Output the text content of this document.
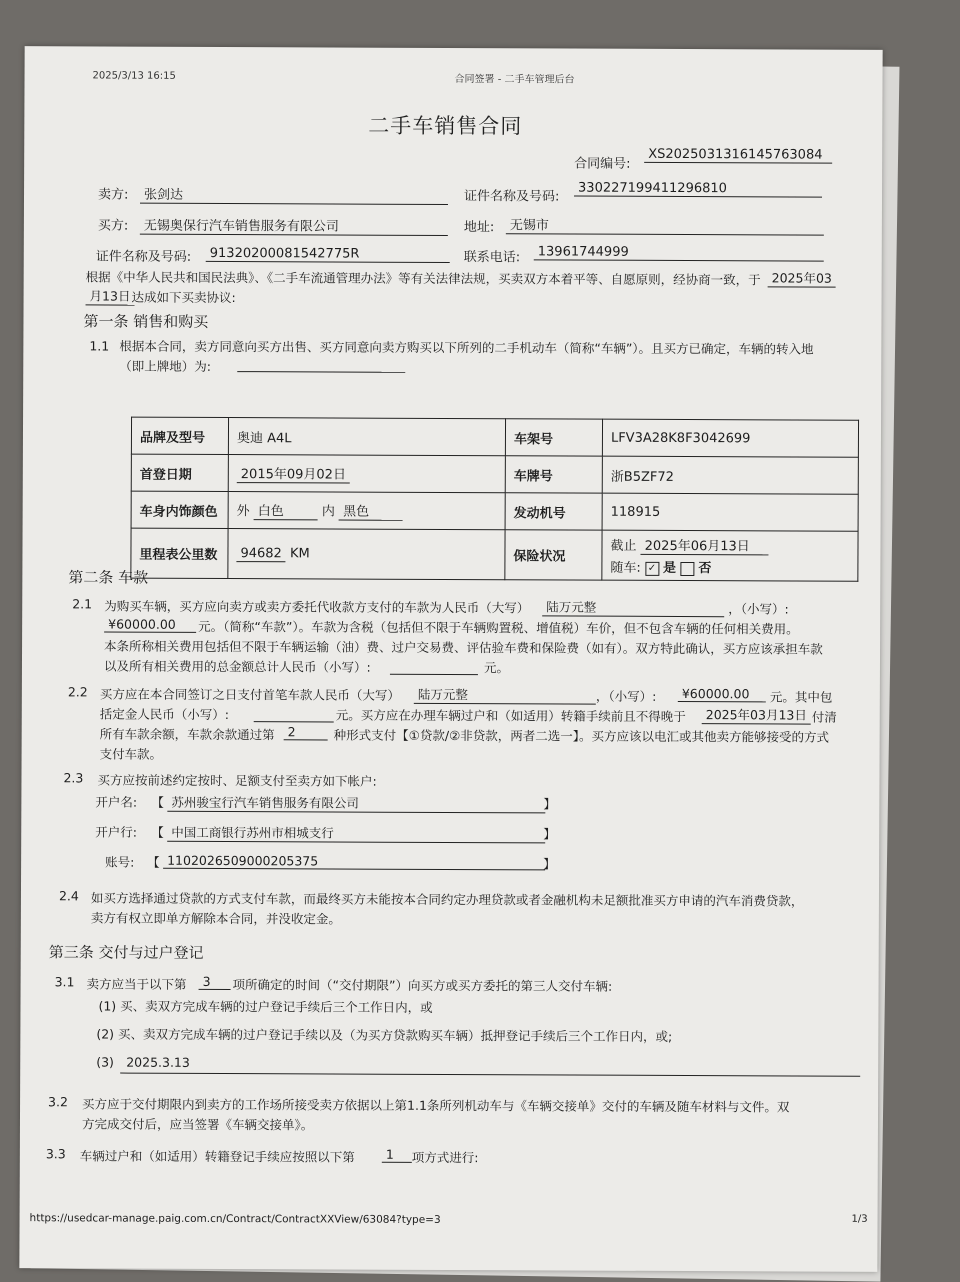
2025/3/13 16:15	合同签署 - 二手车管理后台
二手车销售合同
合同编号:
XS2025031316145763084
卖方:	张剑达	证件名称及号码:
330227199411296810
买方:	无锡奥保行汽车销售服务有限公司	地址:	无锡市
证件名称及号码:	91320200081542775R	联系电话:	13961744999
根据《中华人民共和国民法典》、《二手车流通管理办法》等有关法律法规，买卖双方本着平等、自愿原则，经协商一致，于 2025年03
月13日 达成如下买卖协议:
第一条 销售和购买
1.1 根据本合同，卖方同意向买方出售、买方同意向卖方购买以下所列的二手机动车（简称“车辆”）。且买方已确定，车辆的转入地
（即上牌地）为:
品牌及型号	奥迪 A4L	车架号	LFV3A28K8F3042699
首登日期	2015年09月02日	车牌号	浙B5ZF72
车身内饰颜色	外 白色 内 黑色	发动机号	118915
里程表公里数	94682 KM	保险状况	截止 2025年06月13日
随车: ✓ 是 否
第二条 车款
2.1 为购买车辆，买方应向卖方或卖方委托代收款方支付的车款为人民币（大写）	陆万元整	，（小写）:
¥60000.00	元。（简称“车款”）。车款为含税（包括但不限于车辆购置税、增值税）车价，但不包含车辆的任何相关费用。
本条所称相关费用包括但不限于车辆运输（油）费、过户交易费、评估验车费和保险费（如有）。双方特此确认，买方应该承担车款
以及所有相关费用的总金额总计人民币（小写）:	元。
2.2 买方应在本合同签订之日支付首笔车款人民币（大写）	陆万元整	，（小写）:	¥60000.00	元。其中包
括定金人民币（小写）:	元。买方应在办理车辆过户和（如适用）转籍手续前且不得晚于	2025年03月13日 付清
所有车款余额，车款余款通过第	2	种形式支付【①贷款/②非贷款，两者二选一】。买方应该以电汇或其他卖方能够接受的方式
支付车款。
2.3 买方应按前述约定按时、足额支付至卖方如下帐户:
开户名: 【 苏州骏宝行汽车销售服务有限公司	】
开户行: 【 中国工商银行苏州市相城支行	】
账号: 【 1102026509000205375	】
2.4 如买方选择通过贷款的方式支付车款，而最终买方未能按本合同约定办理贷款或者金融机构未足额批准买方申请的汽车消费贷款，
卖方有权立即单方解除本合同，并没收定金。
第三条 交付与过户登记
3.1 卖方应当于以下第	3	项所确定的时间（“交付期限”）向买方或买方委托的第三人交付车辆:
(1) 买、卖双方完成车辆的过户登记手续后三个工作日内，或
(2) 买、卖双方完成车辆的过户登记手续以及（为买方贷款购买车辆）抵押登记手续后三个工作日内，或;
(3) 2025.3.13
3.2 买方应于交付期限内到卖方的工作场所接受卖方依据以上第1.1条所列机动车与《车辆交接单》交付的车辆及随车材料与文件。双
方完成交付后，应当签署《车辆交接单》。
3.3 车辆过户和（如适用）转籍登记手续应按照以下第	1	项方式进行:
https://usedcar-manage.paig.com.cn/Contract/ContractXXView/63084?type=3	1/3
